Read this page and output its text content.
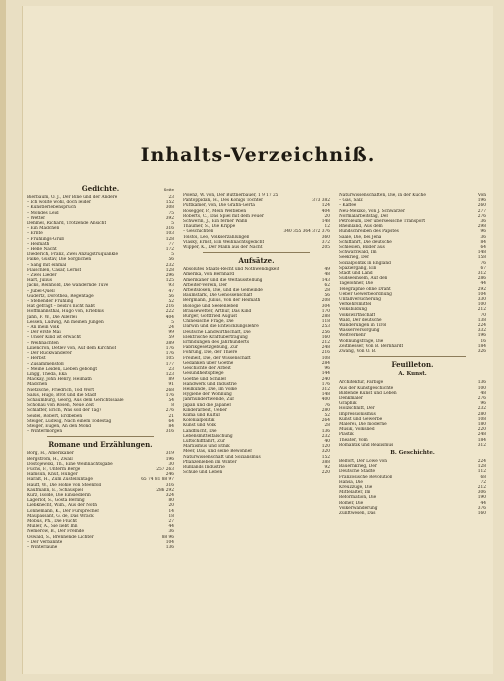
Inhalts-Verzeichniß.
Gedichte.	Seite
Bierbaum, O. J., Der Bine und der Andere	23
– Ich wollte wohl, doch leider	152
– Künstlerlebenspruch	308
– Mondes Leid	75
– Wetter	392
Dehmel, Richard, Trotzende Ansicht	5
– Ein Mädchen	316
– Ernte	103
– Frühlings-Gruß	128
– Heimath	77
– Helle Nacht	172
Diederich, Franz, Zwei Anzugstrüquänkle	5
Falke, Gustav, Die Sorglichen	56
– Sang mit einmal	232
Flaischlen, Cäsar, Lernst	128
– Zwei Lieder	296
Hart, Julius	125
Jacks, Reinhold, Die wandernde Tüve	93
– Jubel-Quell	47
Gudertz, Dorothea, Regentage	56
– Stehender Frühling	52
Hat gefragt – beidi's nicht habt	216
Hoffmannsthal, Hugo von, Erlebnis	222
Jahn, F. W., Die Allerlei	404
Lessen, Ludwig, An meinen Jungen	5
– An mein Volk	24
– Der erste Mai	99
– Unser Kind ist erwacht	59
– Weihnachten	389
Liliencron, Detlev von, Auf dem Kirchhof	176
– Der Rückwanderer	176
– Herbst	105
– Zusammenstoß	177
– Meine Leiden, Lieben gebongt	23
Lingg, Theda, Eka	123
Mackay, John Henry, Heimath	89
Mädchen	91
Nietzsche, Friedrich, Tod Wort	268
Salus, Hugo, Brot und die Stadt	176
Schaumburg, Georg, Aus dem Gerichtssaale	54
Schönau von Rosen, Neue Zeit	8
Schlaffer, Erich, Was soll der Tag?	276
Seidel, Robert, Erdbeben	21
Steiger, Ludwig, Nach einem Todestag	64
Steiger, Eugen, An den Mond	84
– Wintermorgen	316
Romane und Erzählungen.
Borg, H., Amerikaner	319
Bergström, H., Zwall	196
Dostojewski, Th., Eine Weihnachtsgabe	30
Fuchs, F., Unterm Berge	257 263
Hamsun, Knut, Hunger	246
Haralt, H., Zum Zustelluntage	65 74 81 88 97
Hauff, W., Die Höhle von Steenfoll	316
Kaufmann, E., Schauspiel	286 292
Kurz, Isolde, Die Einsiedlerin	324
Lagerlöf, S., Gösta Berling	80
Liebknecht, Wilh., Aus der Noth	20
Lonnemann, K., Der Fürsprecher	14
Maupassant, G. de, Das Wrack	18
Möbus, Ph., Die Flucht	27
Müller, A., Sie liebt Ihn	44
Nemerow, B., Der Fremde	36
Oswald, S., Brennende Lichter	88 96
– Der Verbannte	104
– Winterlaune	136
Polenz, W. von, Der Büttnerbauer, 1 9 17 25
Pantoppidan, H., Des Königs Tochter	373 382
Puttkamer, von, Die Gräfin-Gerta	124
Rosegger, P., Mein Weltleben	404
Roberts, C., Das Spiel mit dem Feuer	20
Schwerin, J., Ein ferner Wahn	148
Thaumer, S., Die Krippe	12
– Geschichten	340 355 364 372 376
Tolstoi, Leo, Volkserzählungen	360
Vlasky, Ernst, Ein Weihnachtsgedicht	372
Wipper, K., Der Mann aus der Nacht	205
Aufsätze.
Absolutes Staats-Recht und Nothwendigkeit	49
Amerika, Von Bernhard	48
Amerikaner und die Weltausstellung	143
Arbeiter-Verein, Der	62
Arbeitslosen, Die, und die Gemeinde	28
Baumstark, Die Genossenschaft	56
Bergmann, Julius, Von der Heimath	208
Biologie und Seelenleben	304
Brausewetter, Arthur, Das Kind	170
Bürger, Gottfried August	288
Chinesische Frage, Die	118
Darwin und die Entwicklungslehre	253
Deutsche Landwirthschaft, Die	256
Elektrische Kraftübertragung	160
Erfindungen des Jahrhunderts	212
Fabrikgesetzgebung, Zur	248
Föhrung, Die, der Thiere	216
Freiheit, Die, der Wissenschaft	108
Gedanken über Goethe	284
Geschichte der Arbeit	96
Gesundheitspflege	144
Goethe und Schiller	240
Handwerk und Industrie	176
Heilkunde, Die, im Volke	312
Hygiene der Wohnung	148
Jahrhundertwende, Zur	400
Japan und die Japaner	76
Kinderarbeit, Ueber	280
Klima und Kultur	52
Kolonialpolitik	264
Kunst und Volk	28
Landflucht, Die	136
Lebensmittelfälschung	232
Luftschifffahrt, Zur	40
Marxismus und Ethik	120
Meer, Das, und seine Bewohner	320
Naturwissenschaft und Sozialismus	152
Pflanzenleben im Winter	388
Rußlands Industrie	92
Schule und Leben	220
Naturwissenschaften, Die, in der Küche	Von
– Gas, Salz	196
– Kaffee	260
Neu-Mexiko, Von J. Schwarzer	277
Normalarbeitstag, Der	276
Petroleum, Der überseeische Transport	36
Rheinland, Aus dem	298
Rundschreiben des Papstes	96
Saale, Die, bei Jena	36
Schiffahrt, Die deutsche	84
Schlesien, Bilder aus	64
Schwarzwald, Im	148
Seekrieg, Der	158
Sozialpolitik in England	76
Spaziergang, Ein	67
Stadt und Land	312
Südseeinseln, Auf den	286
Tagelöhner, Die	44
Telegraphie ohne Draht	292
Ueber Gewerbeordnung	104
Unfallversicherung	330
Verkehrsmittel	100
Volksbildung	212
Volkswirthschaft	70
Wald, Der deutsche	138
Wanderungen in Tirol	224
Wasserversorgung	332
Weltverkehr	196
Wohnungsfrage, Die	16
Zeitmesser, Von B. Bernhardt	184
Zwang, Von O. B.	326
Feuilleton.
A. Kunst.
Architektur, Farbige	136
Aus der Kunstgeschichte	100
Bildende Kunst und Leben	48
Denkmäler	276
Graphik	96
Holzschnitt, Der	232
Impressionismus	280
Kunst und Gewerbe	108
Malerei, Die moderne	180
Musik, Volkslied	220
Plastik	248
Theater, Vom	184
Romantik und Realismus	312
B. Geschichte.
Belfort, Der Löwe von	224
Bauernkrieg, Der	128
Deutsche Städte	112
Französische Revolution	68
Hansa, Die	72
Kreuzzüge, Die	212
Mittelalter, Im	306
Reformation, Die	190
Römer, Die	44
Völkerwanderung	376
Zunftwesen, Das	160
